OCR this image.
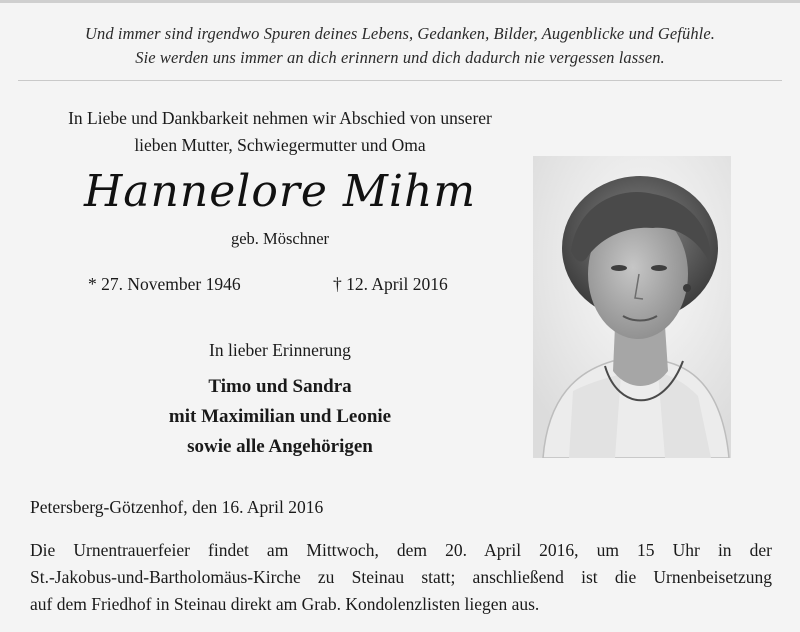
Und immer sind irgendwo Spuren deines Lebens, Gedanken, Bilder, Augenblicke und Gefühle.
Sie werden uns immer an dich erinnern und dich dadurch nie vergessen lassen.
In Liebe und Dankbarkeit nehmen wir Abschied von unserer
lieben Mutter, Schwiegermutter und Oma
Hannelore Mihm
geb. Möschner
* 27. November 1946	† 12. April 2016
In lieber Erinnerung
Timo und Sandra
mit Maximilian und Leonie
sowie alle Angehörigen
Petersberg-Götzenhof, den 16. April 2016
Die Urnentrauerfeier findet am Mittwoch, dem 20. April 2016, um 15 Uhr in der
St.-Jakobus-und-Bartholomäus-Kirche zu Steinau statt; anschließend ist die Urnenbeisetzung
auf dem Friedhof in Steinau direkt am Grab. Kondolenzlisten liegen aus.
